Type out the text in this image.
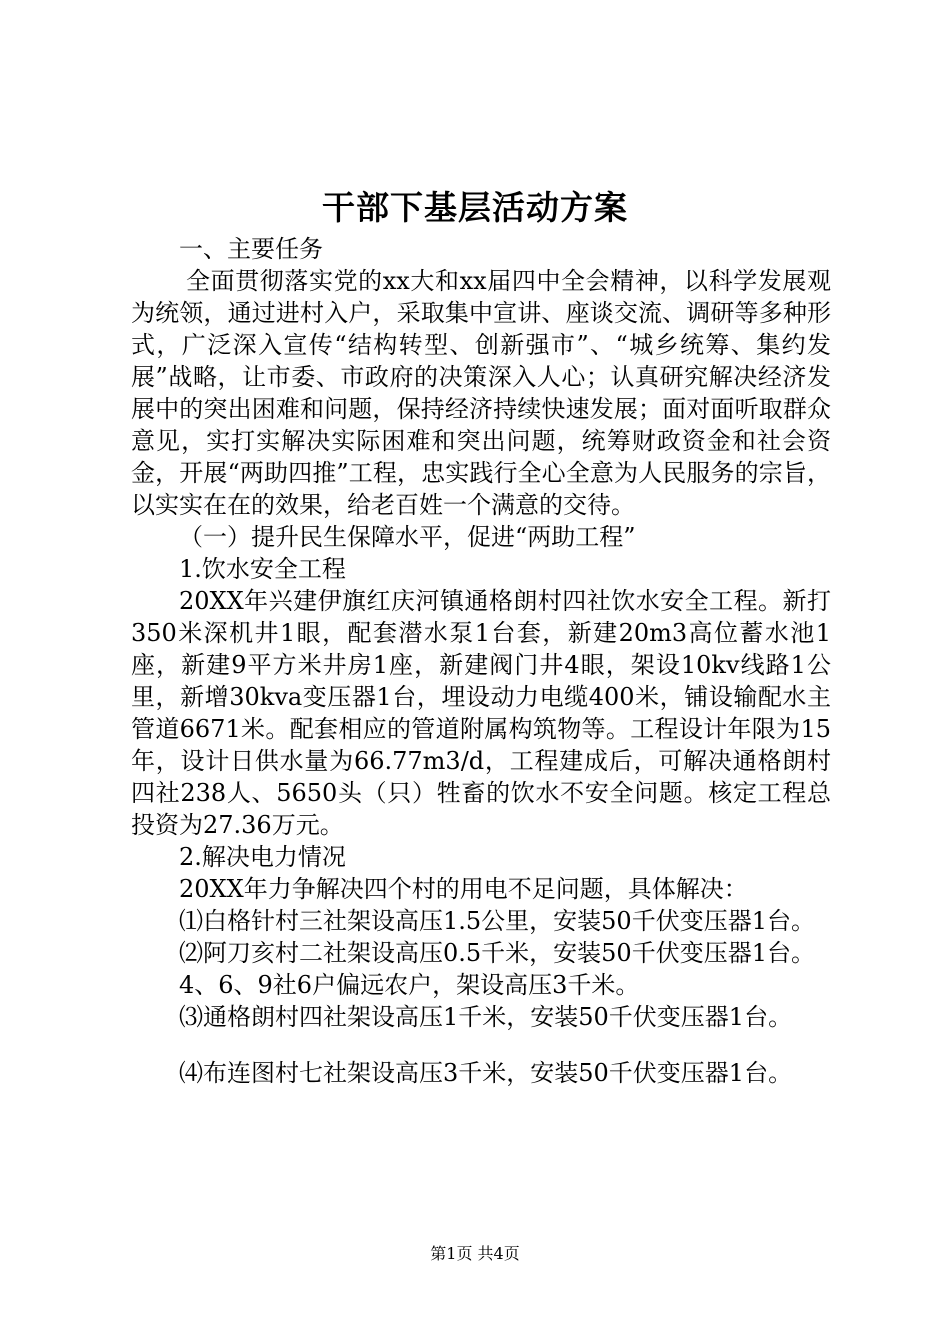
干部下基层活动方案

一、主要任务

全面贯彻落实党的xx大和xx届四中全会精神，以科学发展观为统领，通过进村入户，采取集中宣讲、座谈交流、调研等多种形式，广泛深入宣传“结构转型、创新强市”、“城乡统筹、集约发展”战略，让市委、市政府的决策深入人心；认真研究解决经济发展中的突出困难和问题，保持经济持续快速发展；面对面听取群众意见，实打实解决实际困难和突出问题，统筹财政资金和社会资金，开展“两助四推”工程，忠实践行全心全意为人民服务的宗旨，以实实在在的效果，给老百姓一个满意的交待。

（一）提升民生保障水平，促进“两助工程”

1.饮水安全工程

20XX年兴建伊旗红庆河镇通格朗村四社饮水安全工程。新打350米深机井1眼，配套潜水泵1台套，新建20m3高位蓄水池1座，新建9平方米井房1座，新建阀门井4眼，架设10kv线路1公里，新增30kva变压器1台，埋设动力电缆400米，铺设输配水主管道6671米。配套相应的管道附属构筑物等。工程设计年限为15年，设计日供水量为66.77m3/d，工程建成后，可解决通格朗村四社238人、5650头（只）牲畜的饮水不安全问题。核定工程总投资为27.36万元。

2.解决电力情况

20XX年力争解决四个村的用电不足问题，具体解决：

⑴白格针村三社架设高压1.5公里，安装50千伏变压器1台。

⑵阿刀亥村二社架设高压0.5千米，安装50千伏变压器1台。

4、6、9社6户偏远农户，架设高压3千米。

⑶通格朗村四社架设高压1千米，安装50千伏变压器1台。

⑷布连图村七社架设高压3千米，安装50千伏变压器1台。

第1页 共4页
